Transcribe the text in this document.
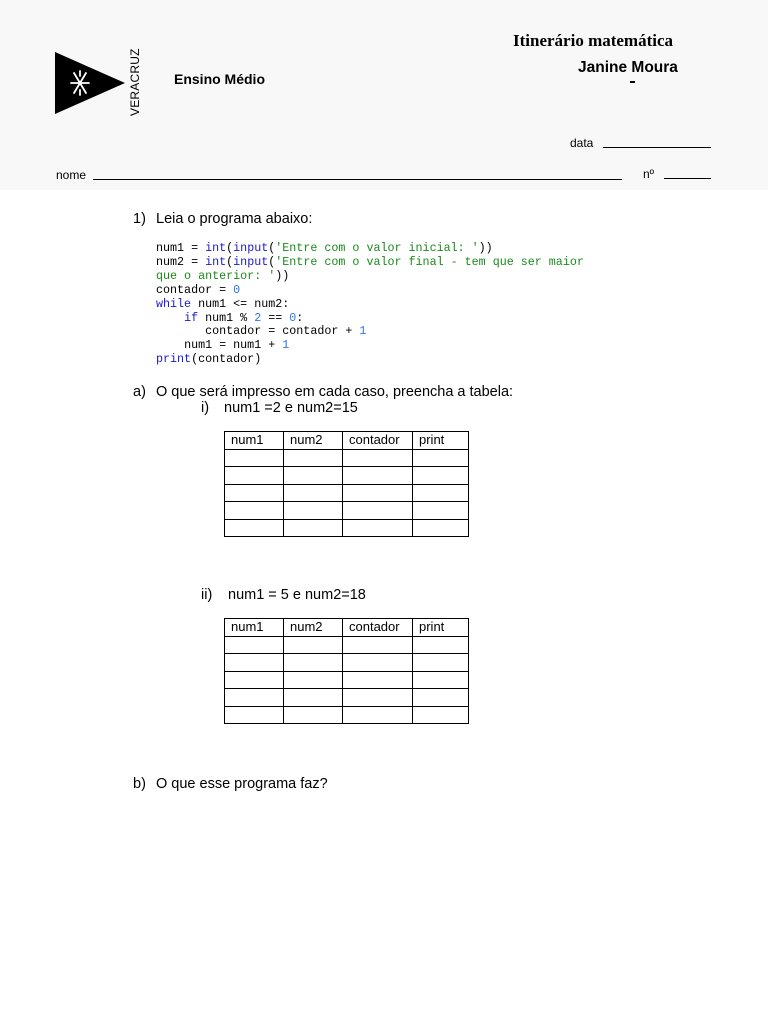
VERACRUZ Ensino Médio
Itinerário matemática
Janine Moura
data
nome	nº
1) Leia o programa abaixo:
num1 = int(input('Entre com o valor inicial: '))
num2 = int(input('Entre com o valor final - tem que ser maior
que o anterior: '))
contador = 0
while num1 <= num2:
if num1 % 2 == 0:
contador = contador + 1
num1 = num1 + 1
print(contador)
a) O que será impresso em cada caso, preencha a tabela:
i) num1 =2 e num2=15
num1	num2	contador	print

ii) num1 = 5 e num2=18
num1	num2	contador	print

b) O que esse programa faz?
